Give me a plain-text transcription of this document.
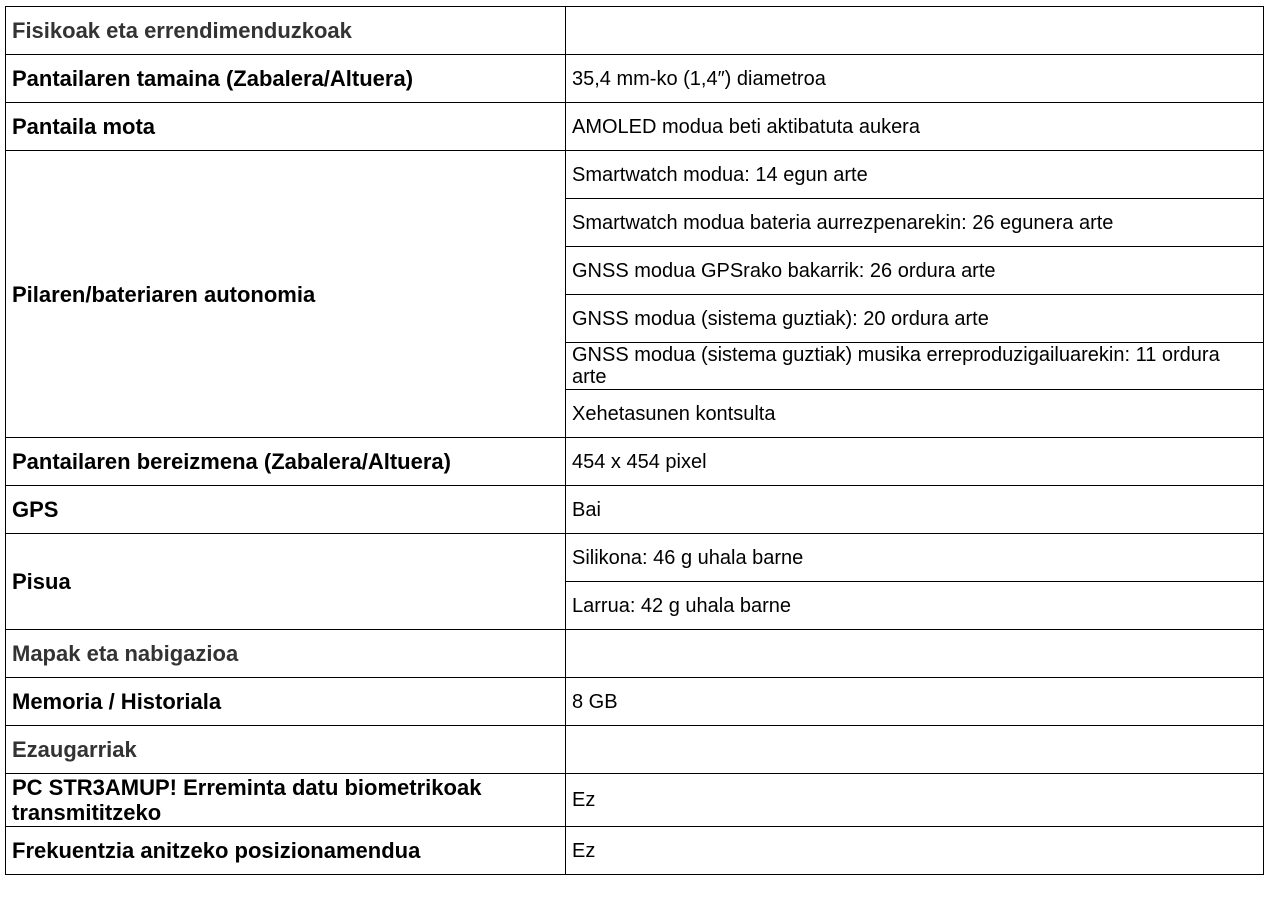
Fisikoak eta errendimenduzkoak	
Pantailaren tamaina (Zabalera/Altuera)	35,4 mm-ko (1,4″) diametroa
Pantaila mota	AMOLED modua beti aktibatuta aukera
Pilaren/bateriaren autonomia	Smartwatch modua: 14 egun arte
	Smartwatch modua bateria aurrezpenarekin: 26 egunera arte
	GNSS modua GPSrako bakarrik: 26 ordura arte
	GNSS modua (sistema guztiak): 20 ordura arte
	GNSS modua (sistema guztiak) musika erreproduzigailuarekin: 11 ordura arte
	Xehetasunen kontsulta
Pantailaren bereizmena (Zabalera/Altuera)	454 x 454 pixel
GPS	Bai
Pisua	Silikona: 46 g uhala barne
	Larrua: 42 g uhala barne
Mapak eta nabigazioa	
Memoria / Historiala	8 GB
Ezaugarriak	
PC STR3AMUP! Erreminta datu biometrikoak transmititzeko	Ez
Frekuentzia anitzeko posizionamendua	Ez
